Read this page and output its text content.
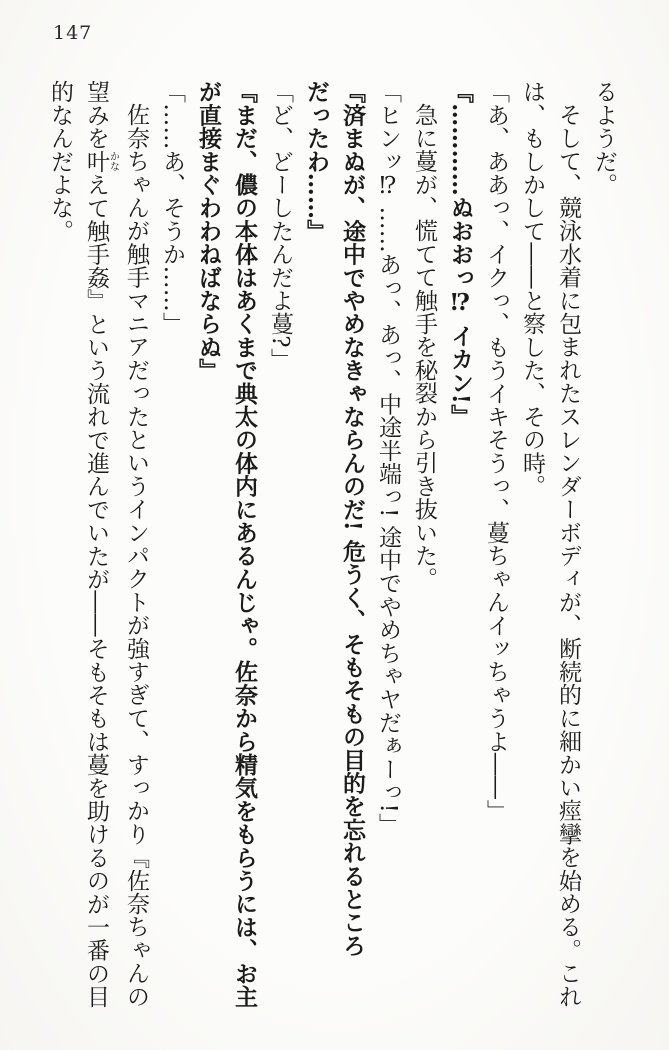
147
るようだ。
そして、競泳水着に包まれたスレンダーボディが、断続的に細かい痙攣を始める。これ
は、もしかして――と察した、その時。
「あ、ああっ、イクっ、もうイキそうっ、蔓ちゃんイッちゃうよ――」
『…………ぬおおっ⁉ イカン!』
急に蔓が、慌てて触手を秘裂から引き抜いた。
「ヒンッ⁉ ……あっ、あっ、中途半端っ! 途中でやめちゃヤだぁーっ!」
『済まぬが、途中でやめなきゃならんのだ! 危うく、そもそもの目的を忘れるところ
だったわ……』
「ど、どーしたんだよ蔓?」
『まだ、儂の本体はあくまで典太の体内にあるんじゃ。佐奈から精気をもらうには、お主
が直接まぐわわねばならぬ』
「……あ、そうか……」
佐奈ちゃんが触手マニアだったというインパクトが強すぎて、すっかり『佐奈ちゃんの
望みを叶かなえて触手姦』という流れで進んでいたが――そもそもは蔓を助けるのが一番の目
的なんだよな。
